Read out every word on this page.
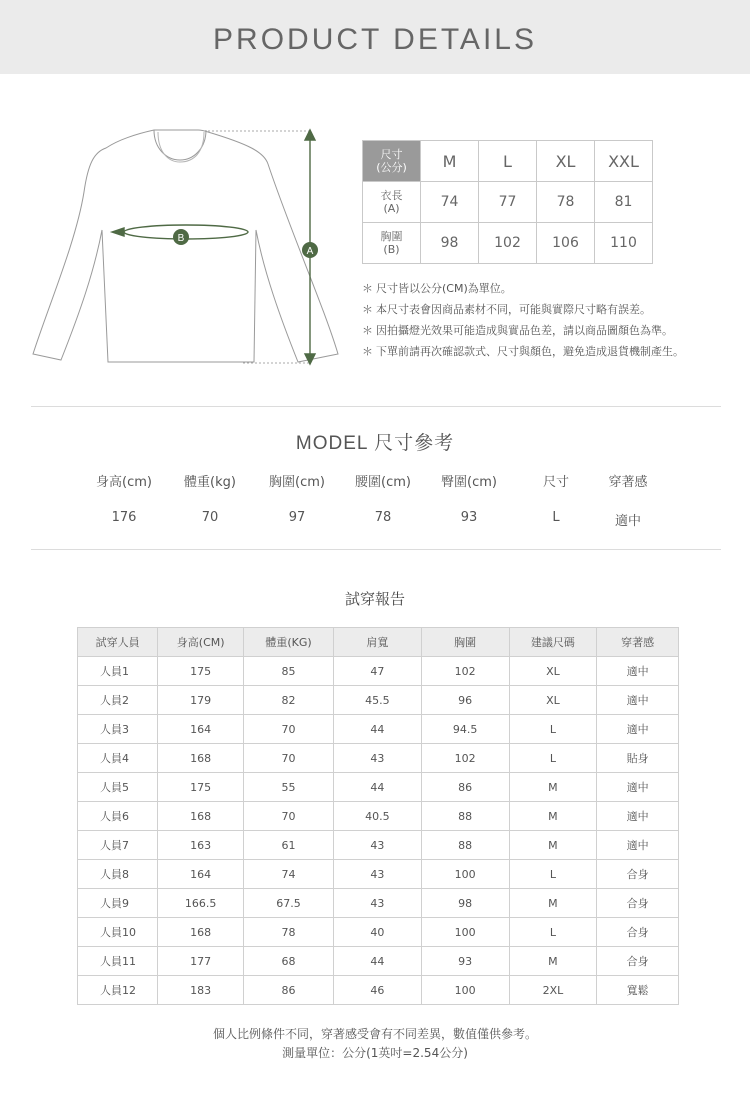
PRODUCT DETAILS
A
B
尺寸
(公分)	M	L	XL	XXL
衣長
(A)	74	77	78	81
胸圍
(B)	98	102	106	110
＊ 尺寸皆以公分(CM)為單位。
＊ 本尺寸表會因商品素材不同，可能與實際尺寸略有誤差。
＊ 因拍攝燈光效果可能造成與實品色差，請以商品圖顏色為準。
＊ 下單前請再次確認款式、尺寸與顏色，避免造成退貨機制產生。
MODEL 尺寸參考
身高(cm)	體重(kg)	胸圍(cm)	腰圍(cm)	臀圍(cm)	尺寸	穿著感
176	70	97	78	93	L	適中
試穿報告
試穿人員	身高(CM)	體重(KG)	肩寬	胸圍	建議尺碼	穿著感
人員1	175	85	47	102	XL	適中
人員2	179	82	45.5	96	XL	適中
人員3	164	70	44	94.5	L	適中
人員4	168	70	43	102	L	貼身
人員5	175	55	44	86	M	適中
人員6	168	70	40.5	88	M	適中
人員7	163	61	43	88	M	適中
人員8	164	74	43	100	L	合身
人員9	166.5	67.5	43	98	M	合身
人員10	168	78	40	100	L	合身
人員11	177	68	44	93	M	合身
人員12	183	86	46	100	2XL	寬鬆
個人比例條件不同，穿著感受會有不同差異，數值僅供參考。
測量單位：公分(1英吋=2.54公分)
